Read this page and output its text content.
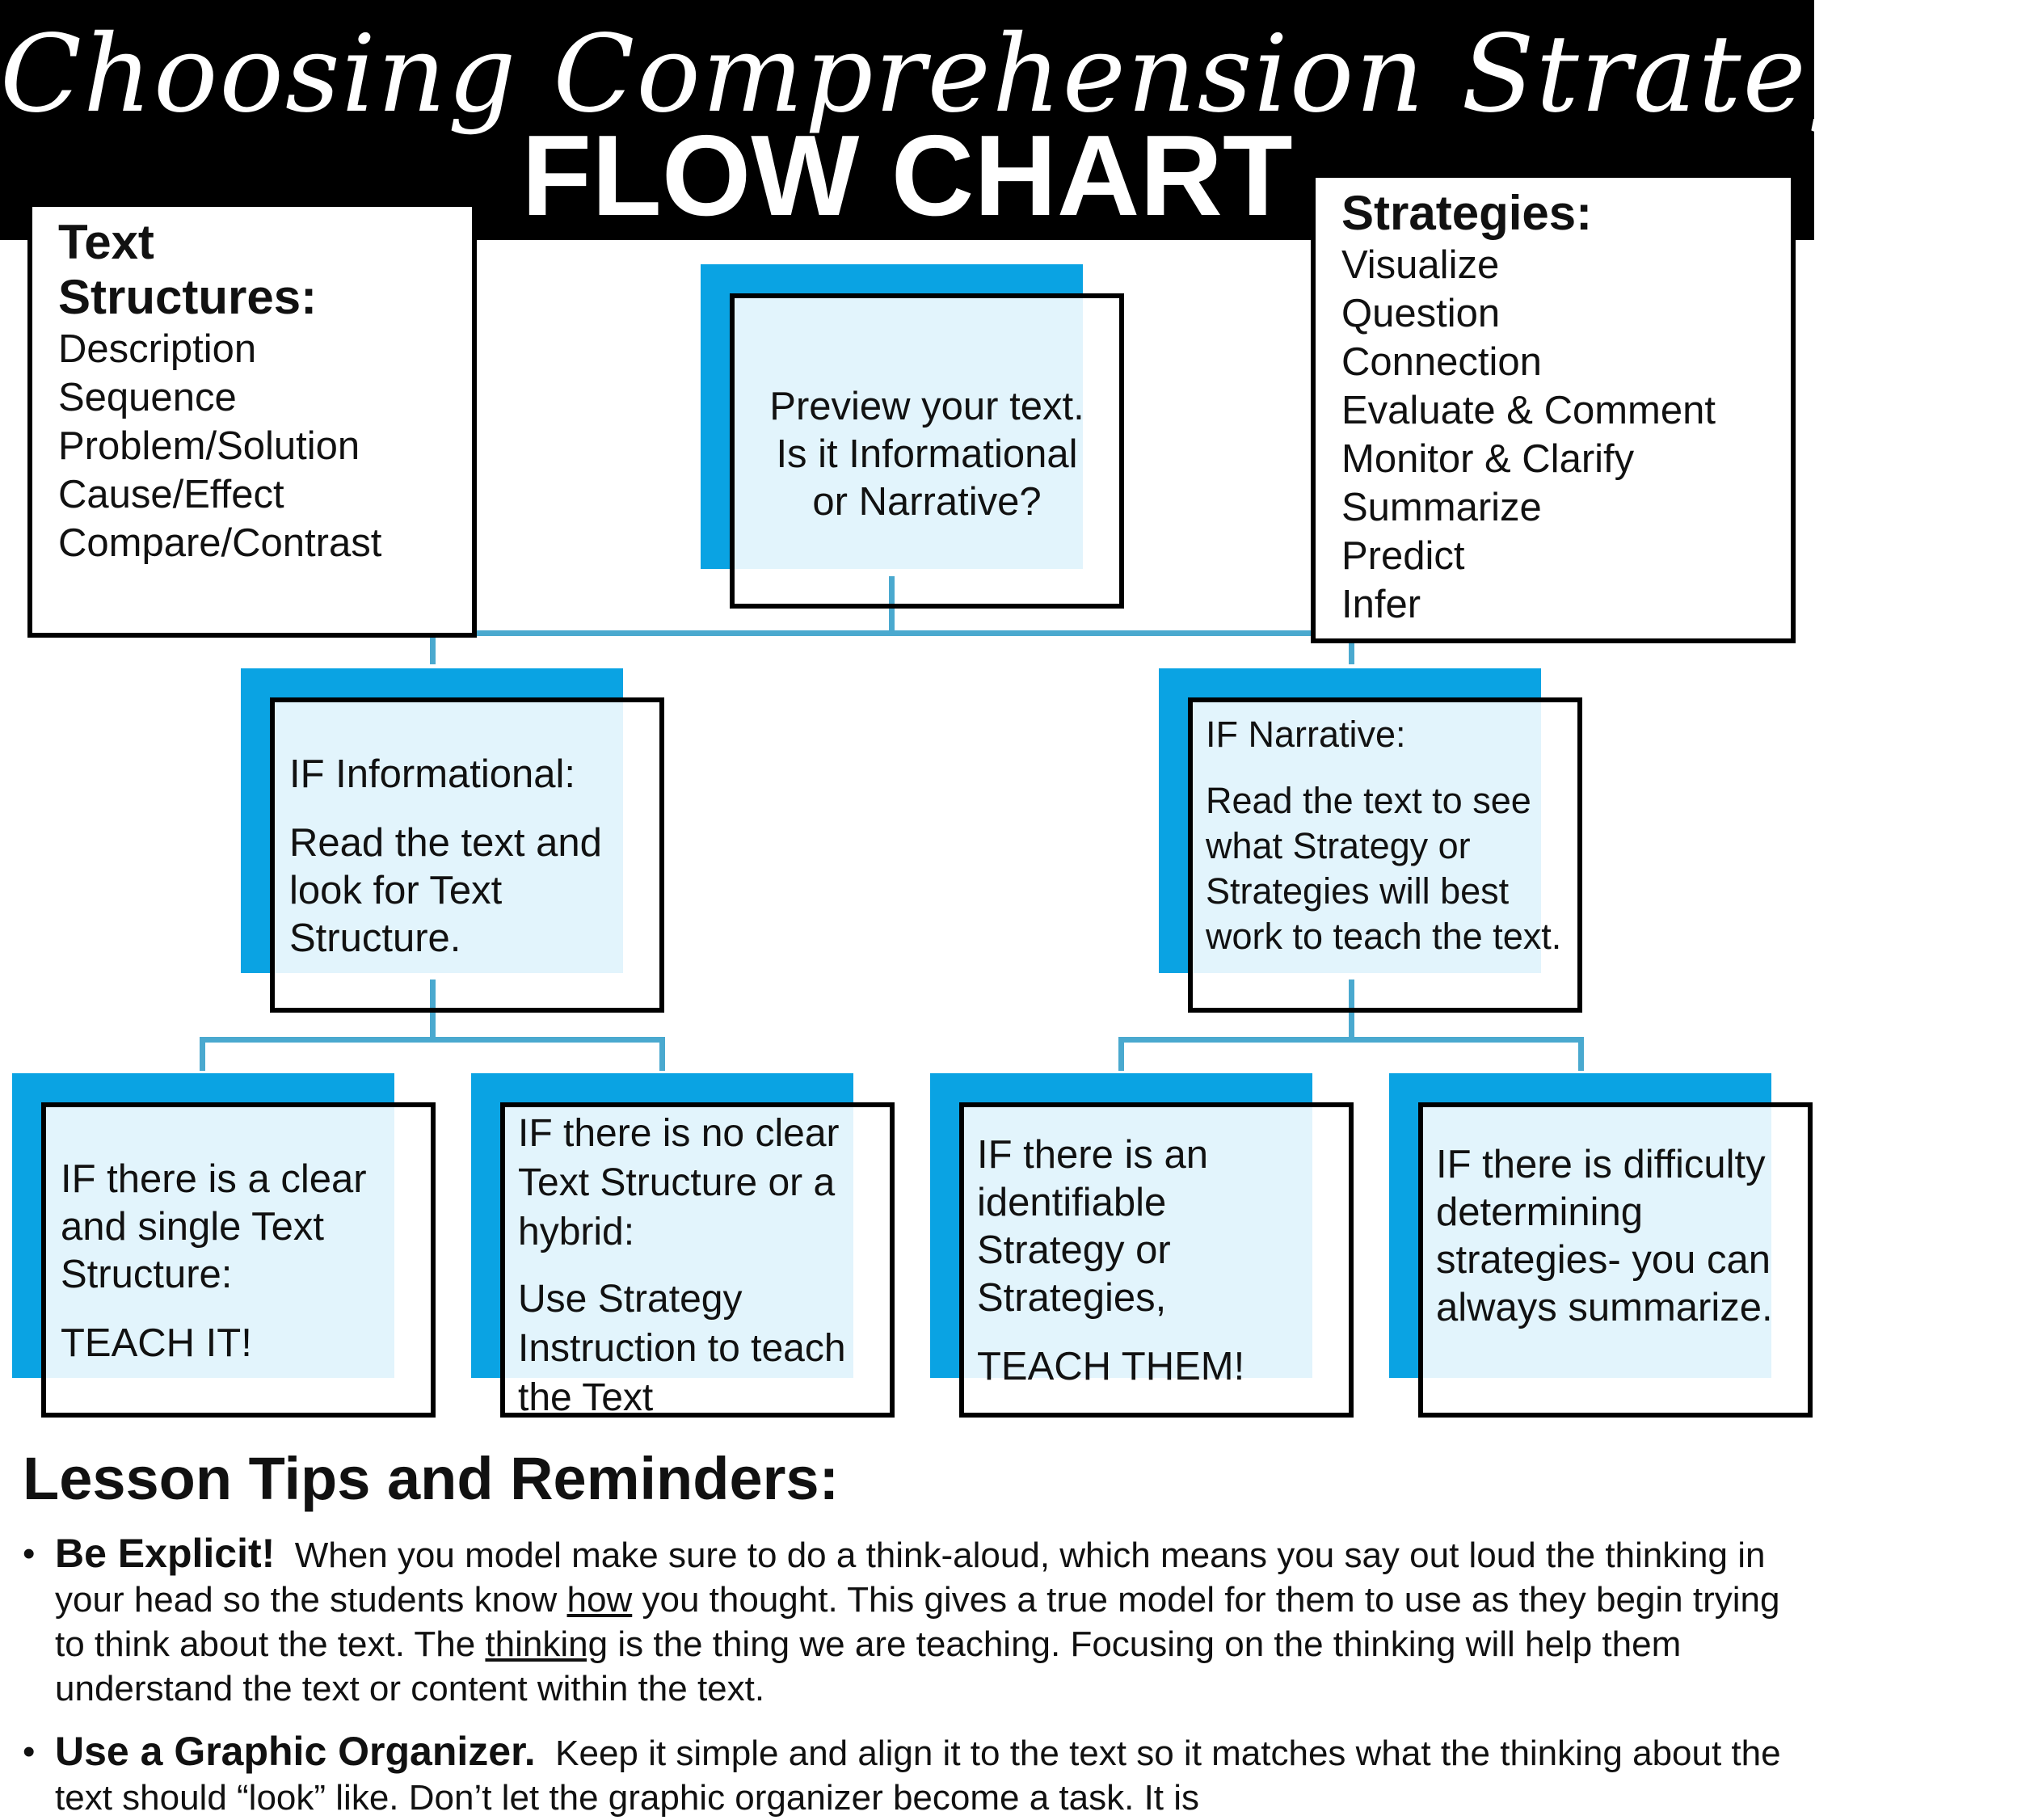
Choosing Comprehension Strategies
FLOW CHART
Text
Structures:
Description
Sequence
Problem/Solution
Cause/Effect
Compare/Contrast
Strategies:
Visualize
Question
Connection
Evaluate & Comment
Monitor & Clarify
Summarize
Predict
Infer

Preview your text.

Is it Informational

or Narrative?

IF Informational:

Read the text and look for Text Structure.

IF Narrative:

Read the text to see what Strategy or Strategies will best work to teach the text.

IF there is a clear and single Text Structure:

TEACH IT!

IF there is no clear Text Structure or a hybrid:

Use Strategy Instruction to teach the Text

IF there is an identifiable Strategy or Strategies,

TEACH THEM!

IF there is difficulty determining strategies- you can always summarize.

Lesson Tips and Reminders:
• Be Explicit! When you model make sure to do a think-aloud, which means you say out loud the thinking in your head so the students know how you thought. This gives a true model for them to use as they begin trying to think about the text. The thinking is the thing we are teaching. Focusing on the thinking will help them understand the text or content within the text.
• Use a Graphic Organizer. Keep it simple and align it to the text so it matches what the thinking about the text should “look” like. Don’t let the graphic organizer become a task. It is
